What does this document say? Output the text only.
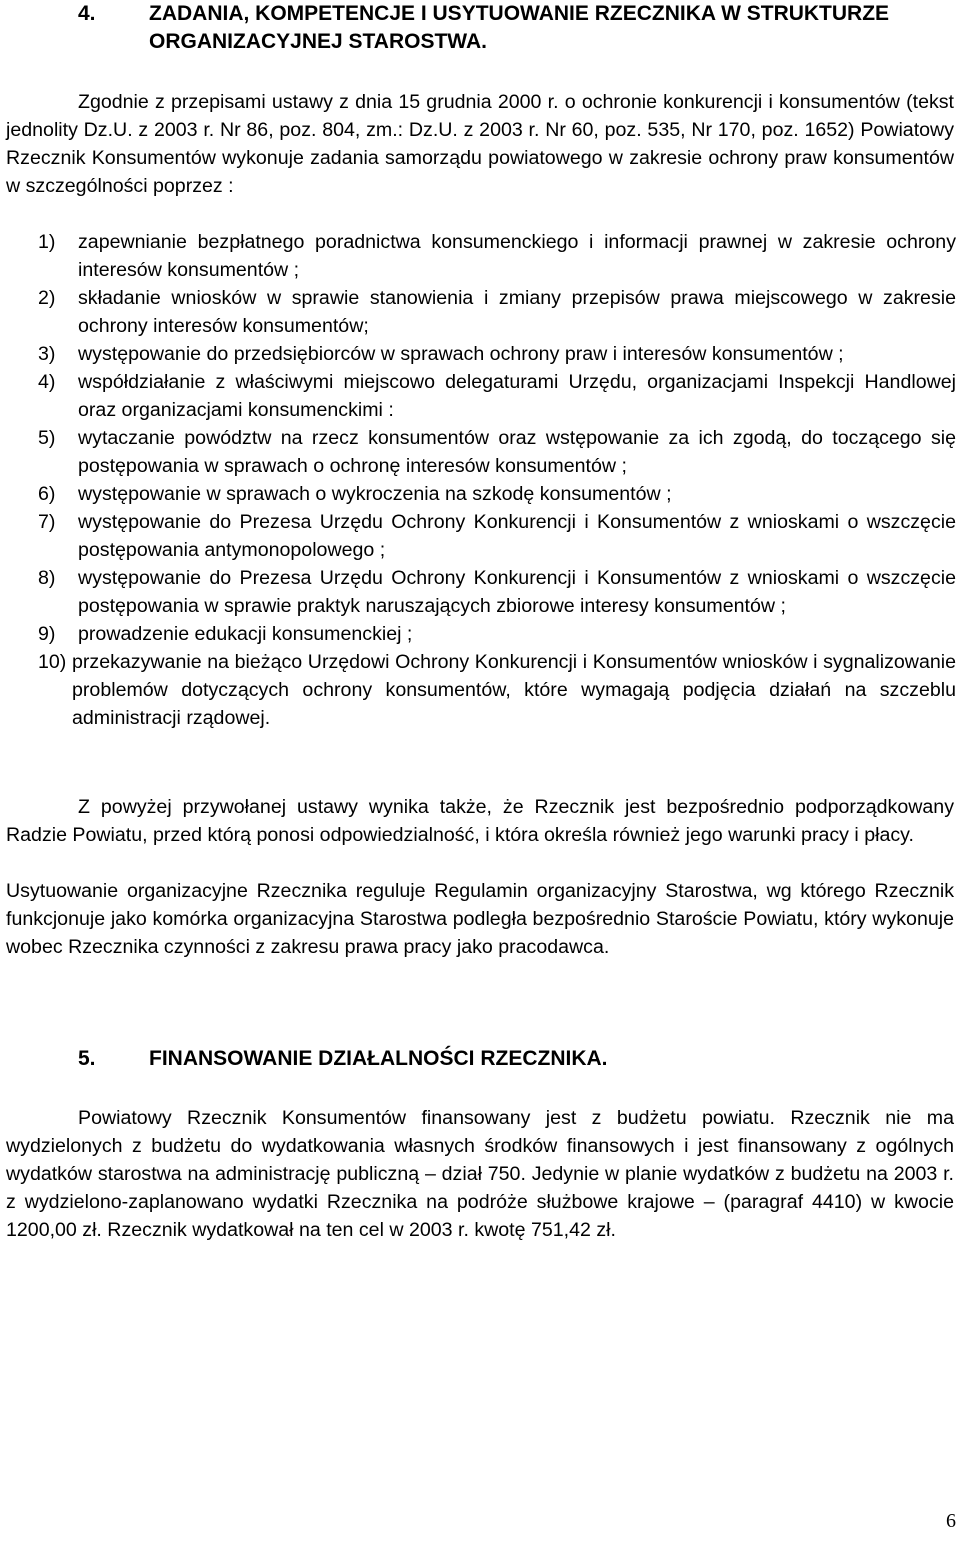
4.	ZADANIA, KOMPETENCJE I USYTUOWANIE RZECZNIKA W STRUKTURZE ORGANIZACYJNEJ STAROSTWA.

Zgodnie z przepisami ustawy z dnia 15 grudnia 2000 r. o ochronie konkurencji i konsumentów (tekst jednolity Dz.U. z 2003 r. Nr 86, poz. 804, zm.: Dz.U. z 2003 r. Nr 60, poz. 535, Nr 170, poz. 1652) Powiatowy Rzecznik Konsumentów wykonuje zadania samorządu powiatowego w zakresie ochrony praw konsumentów w szczególności poprzez :

1) zapewnianie bezpłatnego poradnictwa konsumenckiego i informacji prawnej w zakresie ochrony interesów konsumentów ;
2) składanie wniosków w sprawie stanowienia i zmiany przepisów prawa miejscowego w zakresie ochrony interesów konsumentów;
3) występowanie do przedsiębiorców w sprawach ochrony praw i interesów konsumentów ;
4) współdziałanie z właściwymi miejscowo delegaturami Urzędu, organizacjami Inspekcji Handlowej oraz organizacjami konsumenckimi :
5) wytaczanie powództw na rzecz konsumentów oraz wstępowanie za ich zgodą, do toczącego się postępowania w sprawach o ochronę interesów konsumentów ;
6) występowanie w sprawach o wykroczenia na szkodę konsumentów ;
7) występowanie do Prezesa Urzędu Ochrony Konkurencji i Konsumentów z wnioskami o wszczęcie postępowania antymonopolowego ;
8) występowanie do Prezesa Urzędu Ochrony Konkurencji i Konsumentów z wnioskami o wszczęcie postępowania w sprawie praktyk naruszających zbiorowe interesy konsumentów ;
9) prowadzenie edukacji konsumenckiej ;
10) przekazywanie na bieżąco Urzędowi Ochrony Konkurencji i Konsumentów wniosków i sygnalizowanie problemów dotyczących ochrony konsumentów, które wymagają podjęcia działań na szczeblu administracji rządowej.

Z powyżej przywołanej ustawy wynika także, że Rzecznik jest bezpośrednio podporządkowany Radzie Powiatu, przed którą ponosi odpowiedzialność, i która określa również jego warunki pracy i płacy.

Usytuowanie organizacyjne Rzecznika reguluje Regulamin organizacyjny Starostwa, wg którego Rzecznik funkcjonuje jako komórka organizacyjna Starostwa podległa bezpośrednio Staroście Powiatu, który wykonuje wobec Rzecznika czynności z zakresu prawa pracy jako pracodawca.

5.	FINANSOWANIE DZIAŁALNOŚCI RZECZNIKA.

Powiatowy Rzecznik Konsumentów finansowany jest z budżetu powiatu. Rzecznik nie ma wydzielonych z budżetu do wydatkowania własnych środków finansowych i jest finansowany z ogólnych wydatków starostwa na administrację publiczną – dział 750. Jedynie w planie wydatków z budżetu na 2003 r. z wydzielono-zaplanowano wydatki Rzecznika na podróże służbowe krajowe – (paragraf 4410) w kwocie 1200,00 zł. Rzecznik wydatkował na ten cel w 2003 r. kwotę 751,42 zł.

6
